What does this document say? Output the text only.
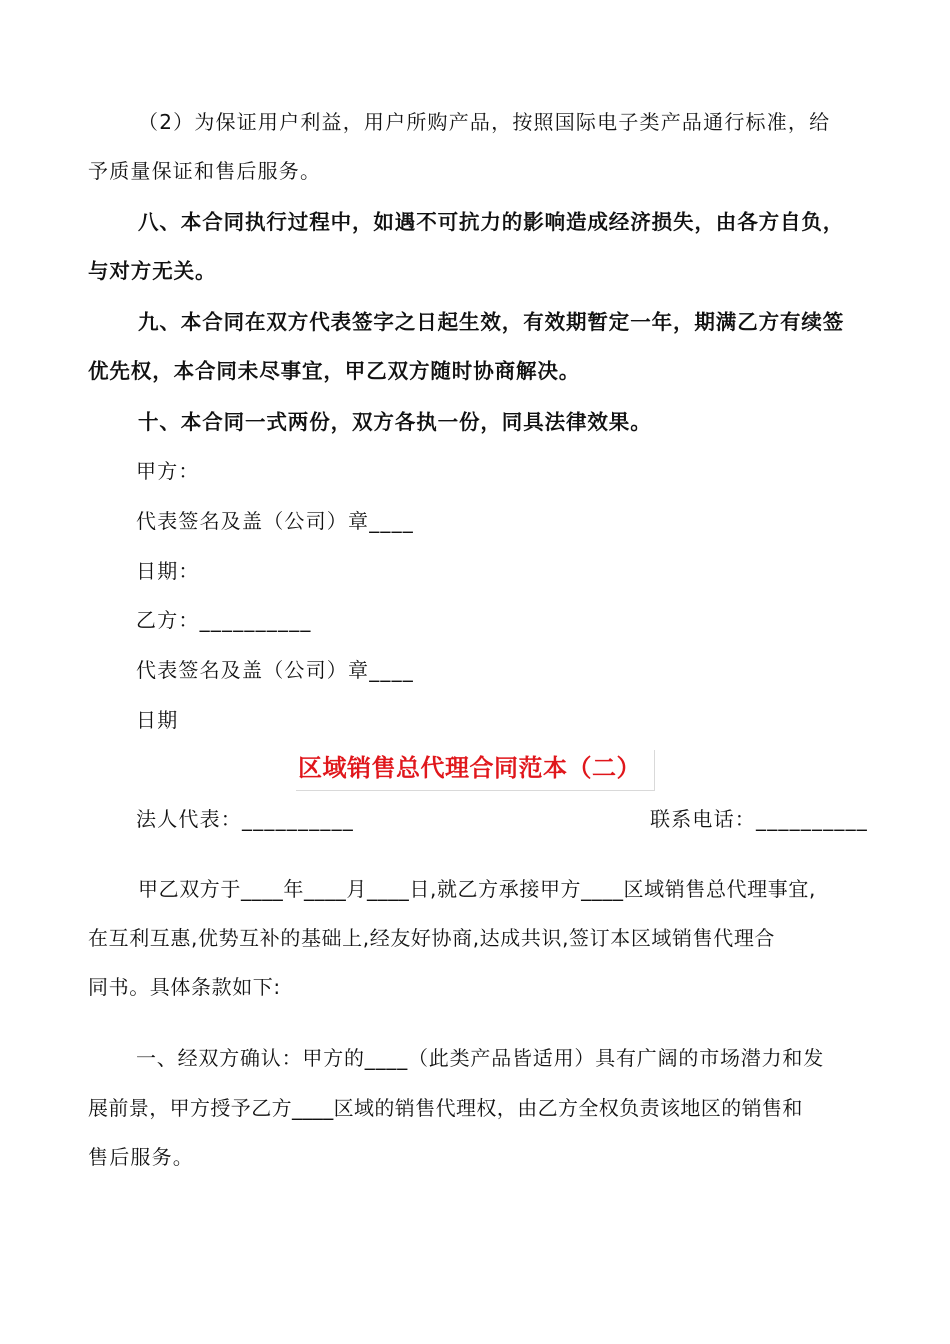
（2）为保证用户利益，用户所购产品，按照国际电子类产品通行标准，给
予质量保证和售后服务。
八、本合同执行过程中，如遇不可抗力的影响造成经济损失，由各方自负，
与对方无关。
九、本合同在双方代表签字之日起生效，有效期暂定一年，期满乙方有续签
优先权，本合同未尽事宜，甲乙双方随时协商解决。
十、本合同一式两份，双方各执一份，同具法律效果。
甲方：
代表签名及盖（公司）章____
日期：
乙方：__________
代表签名及盖（公司）章____
日期
区域销售总代理合同范本（二）
法人代表：__________	联系电话：__________
甲乙双方于____年____月____日,就乙方承接甲方____区域销售总代理事宜,
在互利互惠,优势互补的基础上,经友好协商,达成共识,签订本区域销售代理合
同书。具体条款如下:
一、经双方确认：甲方的____（此类产品皆适用）具有广阔的市场潜力和发
展前景，甲方授予乙方____区域的销售代理权，由乙方全权负责该地区的销售和
售后服务。
